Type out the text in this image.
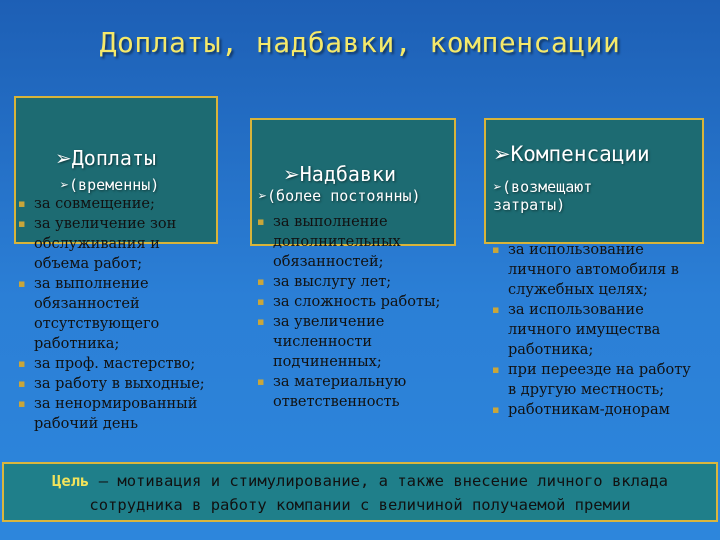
Доплаты, надбавки, компенсации
➢Доплаты
➢(временны)
▪ за совмещение;
▪ за увеличение зон обслуживания и объема работ;
▪ за выполнение обязанностей отсутствующего работника;
▪ за проф. мастерство;
▪ за работу в выходные;
▪ за ненормированный рабочий день
➢Надбавки
➢(более постоянны)
▪ за выполнение дополнительных обязанностей;
▪ за выслугу лет;
▪ за сложность работы;
▪ за увеличение численности подчиненных;
▪ за материальную ответственность
➢Компенсации
➢(возмещают затраты)
▪ за использование личного автомобиля в служебных целях;
▪ за использование личного имущества работника;
▪ при переезде на работу в другую местность;
▪ работникам-донорам
Цель – мотивация и стимулирование, а также внесение личного вклада
сотрудника в работу компании с величиной получаемой премии
